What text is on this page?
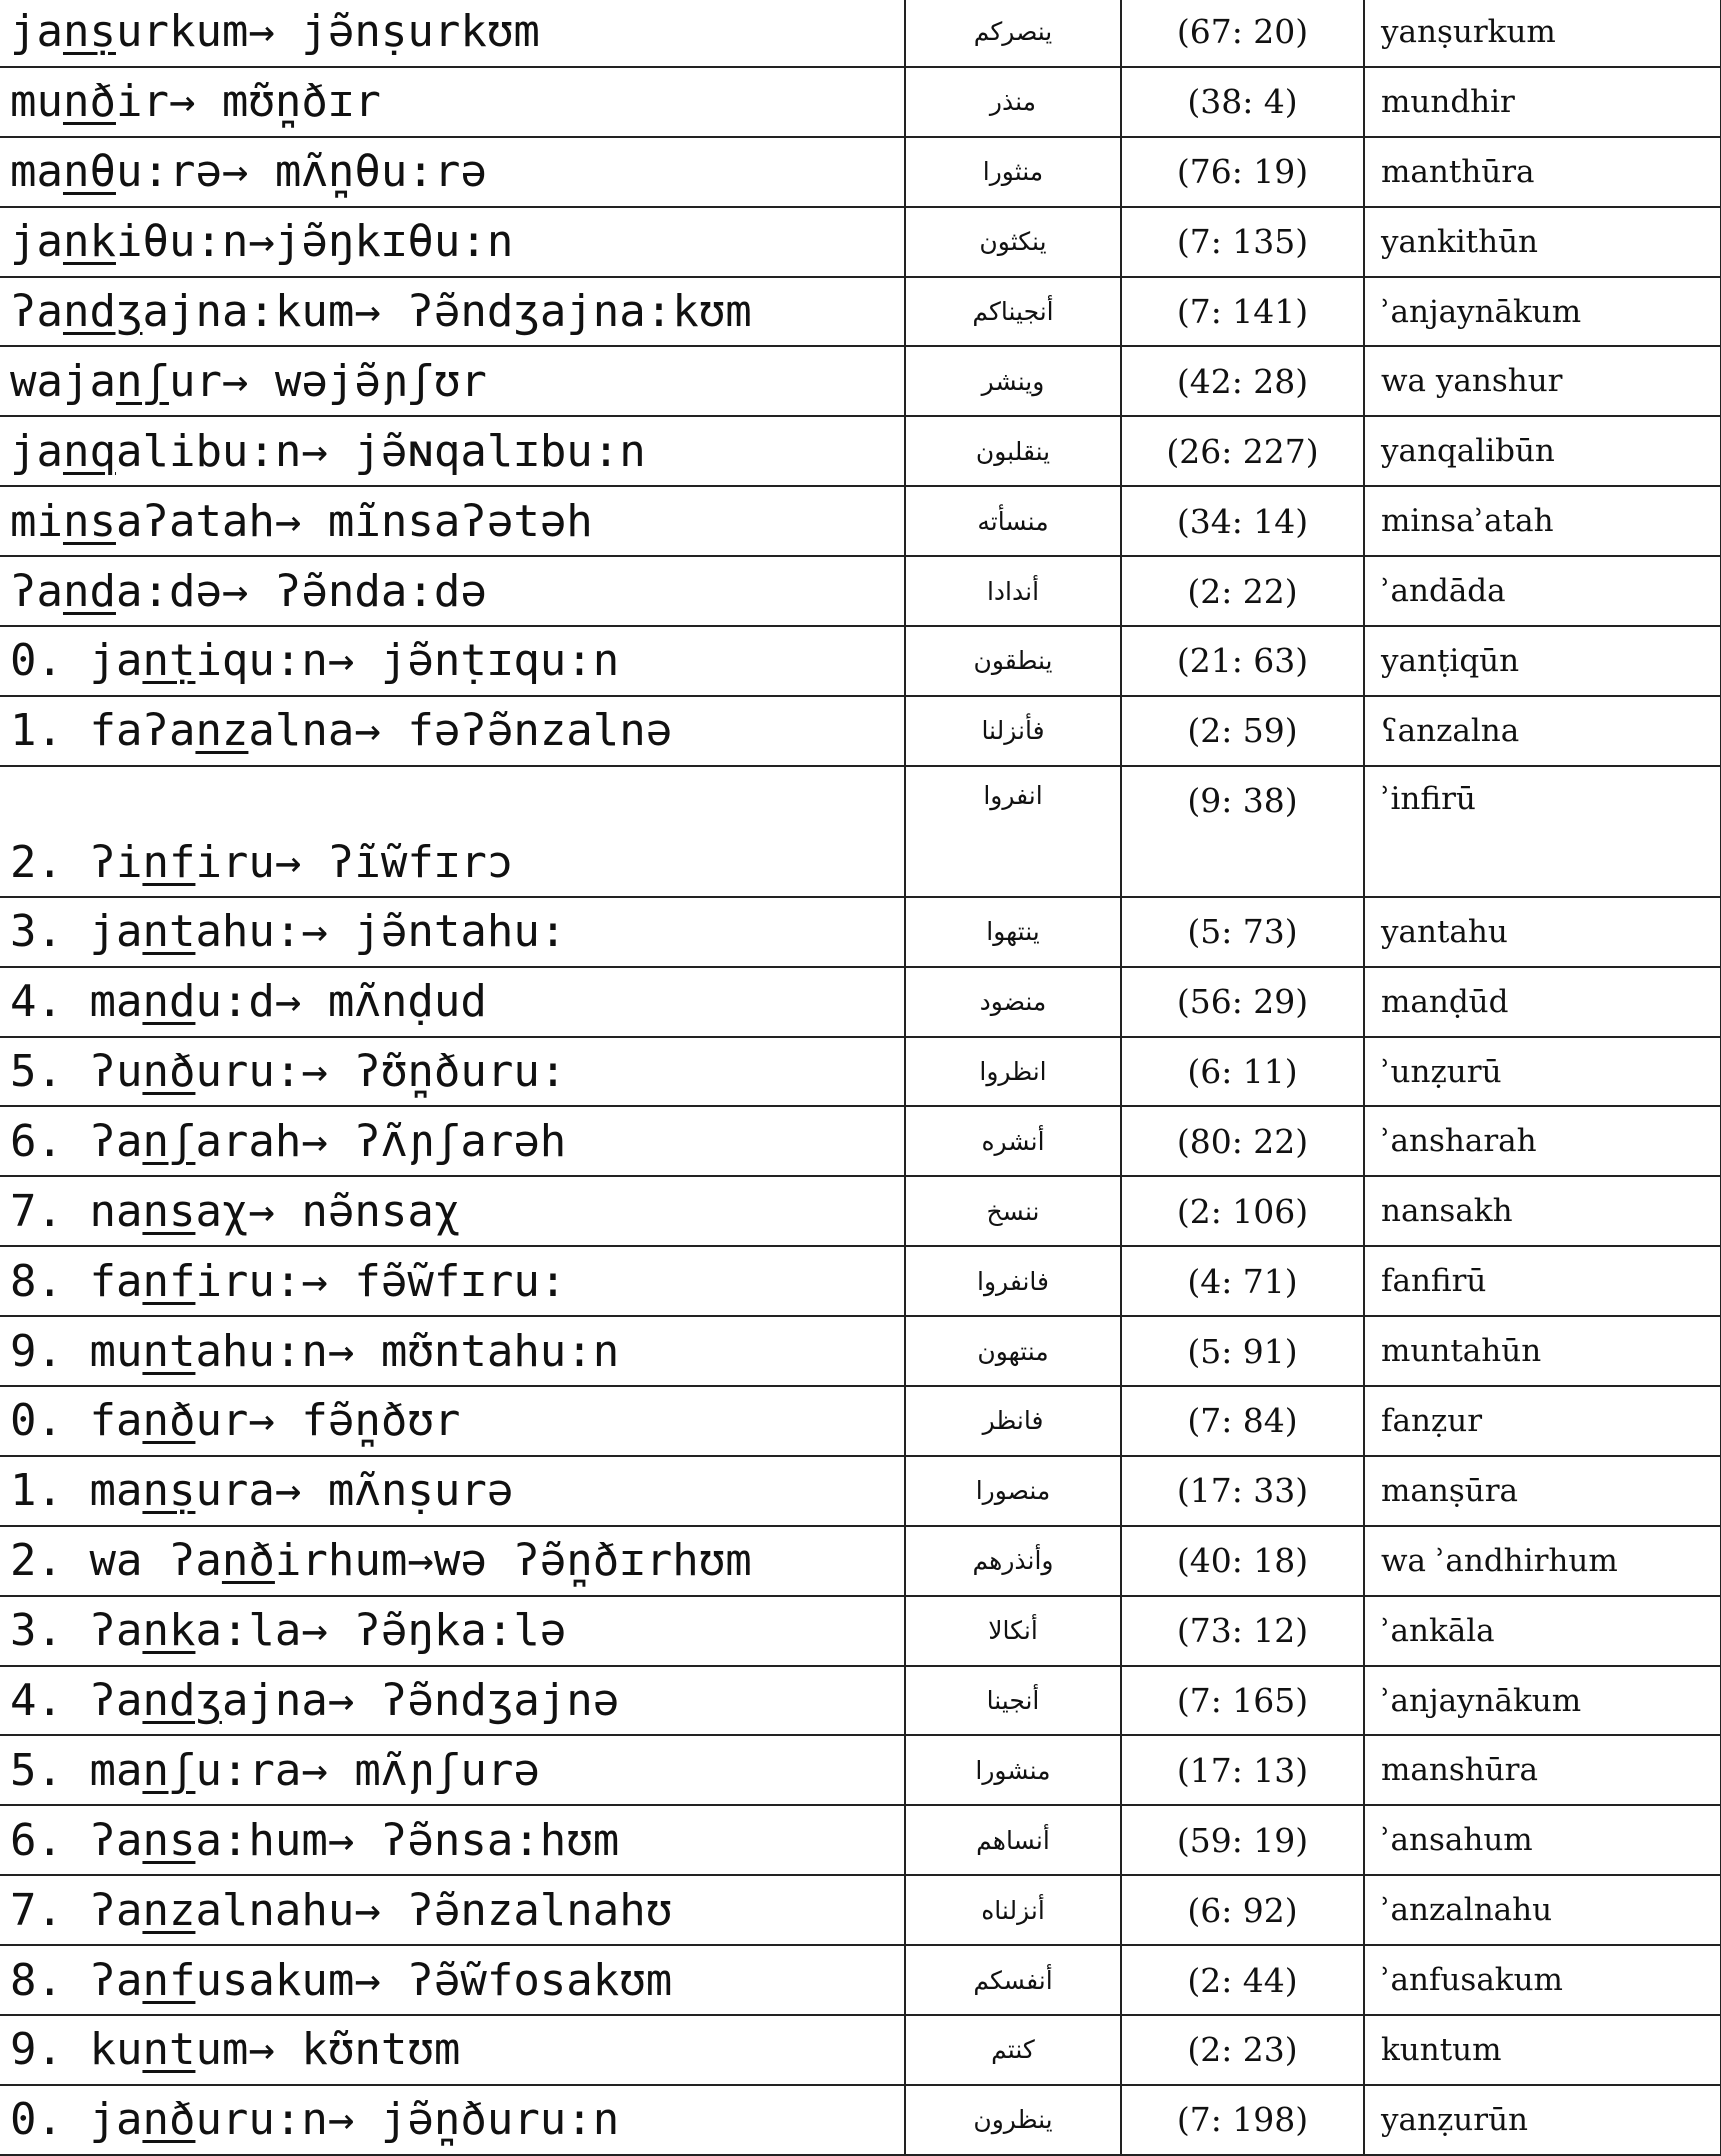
janṣurkum→ jə̃nṣurkʊm	ينصركم	(67: 20)	yanṣurkum
munðir→ mʊ̃n̪ðɪr	منذر	(38: 4)	mundhir
manθu:rə→ mʌ̃n̪θu:rə	منثورا	(76: 19)	manthūra
jankiθu:n→jə̃ŋkɪθu:n	ينكثون	(7: 135)	yankithūn
ʔandʒajna:kum→ ʔə̃ndʒajna:kʊm	أنجيناكم	(7: 141)	ʾanjaynākum
wajanʃur→ wəjə̃ɲʃʊr	وينشر	(42: 28)	wa yanshur
janqalibu:n→ jə̃ɴqalɪbu:n	ينقلبون	(26: 227)	yanqalibūn
minsaʔatah→ mĩnsaʔətəh	منسأته	(34: 14)	minsaʾatah
ʔanda:də→ ʔə̃nda:də	أندادا	(2: 22)	ʾandāda
0. janṭiqu:n→ jə̃nṭɪqu:n	ينطقون	(21: 63)	yanṭiqūn
1. faʔanzalna→ fəʔə̃nzalnə	فأنزلنا	(2: 59)	ʕanzalna
2. ʔinfiru→ ʔĩw̃fɪrɔ	انفروا	(9: 38)	ʾinfirū
3. jantahu:→ jə̃ntahu:	ينتهوا	(5: 73)	yantahu
4. mandu:d→ mʌ̃nḍud	منضود	(56: 29)	manḍūd
5. ʔunðuru:→ ʔʊ̃n̪ðuru:	انظروا	(6: 11)	ʾunẓurū
6. ʔanʃarah→ ʔʌ̃ɲʃarəh	أنشره	(80: 22)	ʾansharah
7. nansaχ→ nə̃nsaχ	ننسخ	(2: 106)	nansakh
8. fanfiru:→ fə̃w̃fɪru:	فانفروا	(4: 71)	fanfirū
9. muntahu:n→ mʊ̃ntahu:n	منتهون	(5: 91)	muntahūn
0. fanður→ fə̃n̪ðʊr	فانظر	(7: 84)	fanẓur
1. manṣura→ mʌ̃nṣurə	منصورا	(17: 33)	manṣūra
2. wa ʔanðirhum→wə ʔə̃n̪ðɪrhʊm	وأنذرهم	(40: 18)	wa ʾandhirhum
3. ʔanka:la→ ʔə̃ŋka:lə	أنكالا	(73: 12)	ʾankāla
4. ʔandʒajna→ ʔə̃ndʒajnə	أنجينا	(7: 165)	ʾanjaynākum
5. manʃu:ra→ mʌ̃ɲʃurə	منشورا	(17: 13)	manshūra
6. ʔansa:hum→ ʔə̃nsa:hʊm	أنساهم	(59: 19)	ʾansahum
7. ʔanzalnahu→ ʔə̃nzalnahʊ	أنزلناه	(6: 92)	ʾanzalnahu
8. ʔanfusakum→ ʔə̃w̃fosakʊm	أنفسكم	(2: 44)	ʾanfusakum
9. kuntum→ kʊ̃ntʊm	كنتم	(2: 23)	kuntum
0. janðuru:n→ jə̃n̪ðuru:n	ينظرون	(7: 198)	yanẓurūn
